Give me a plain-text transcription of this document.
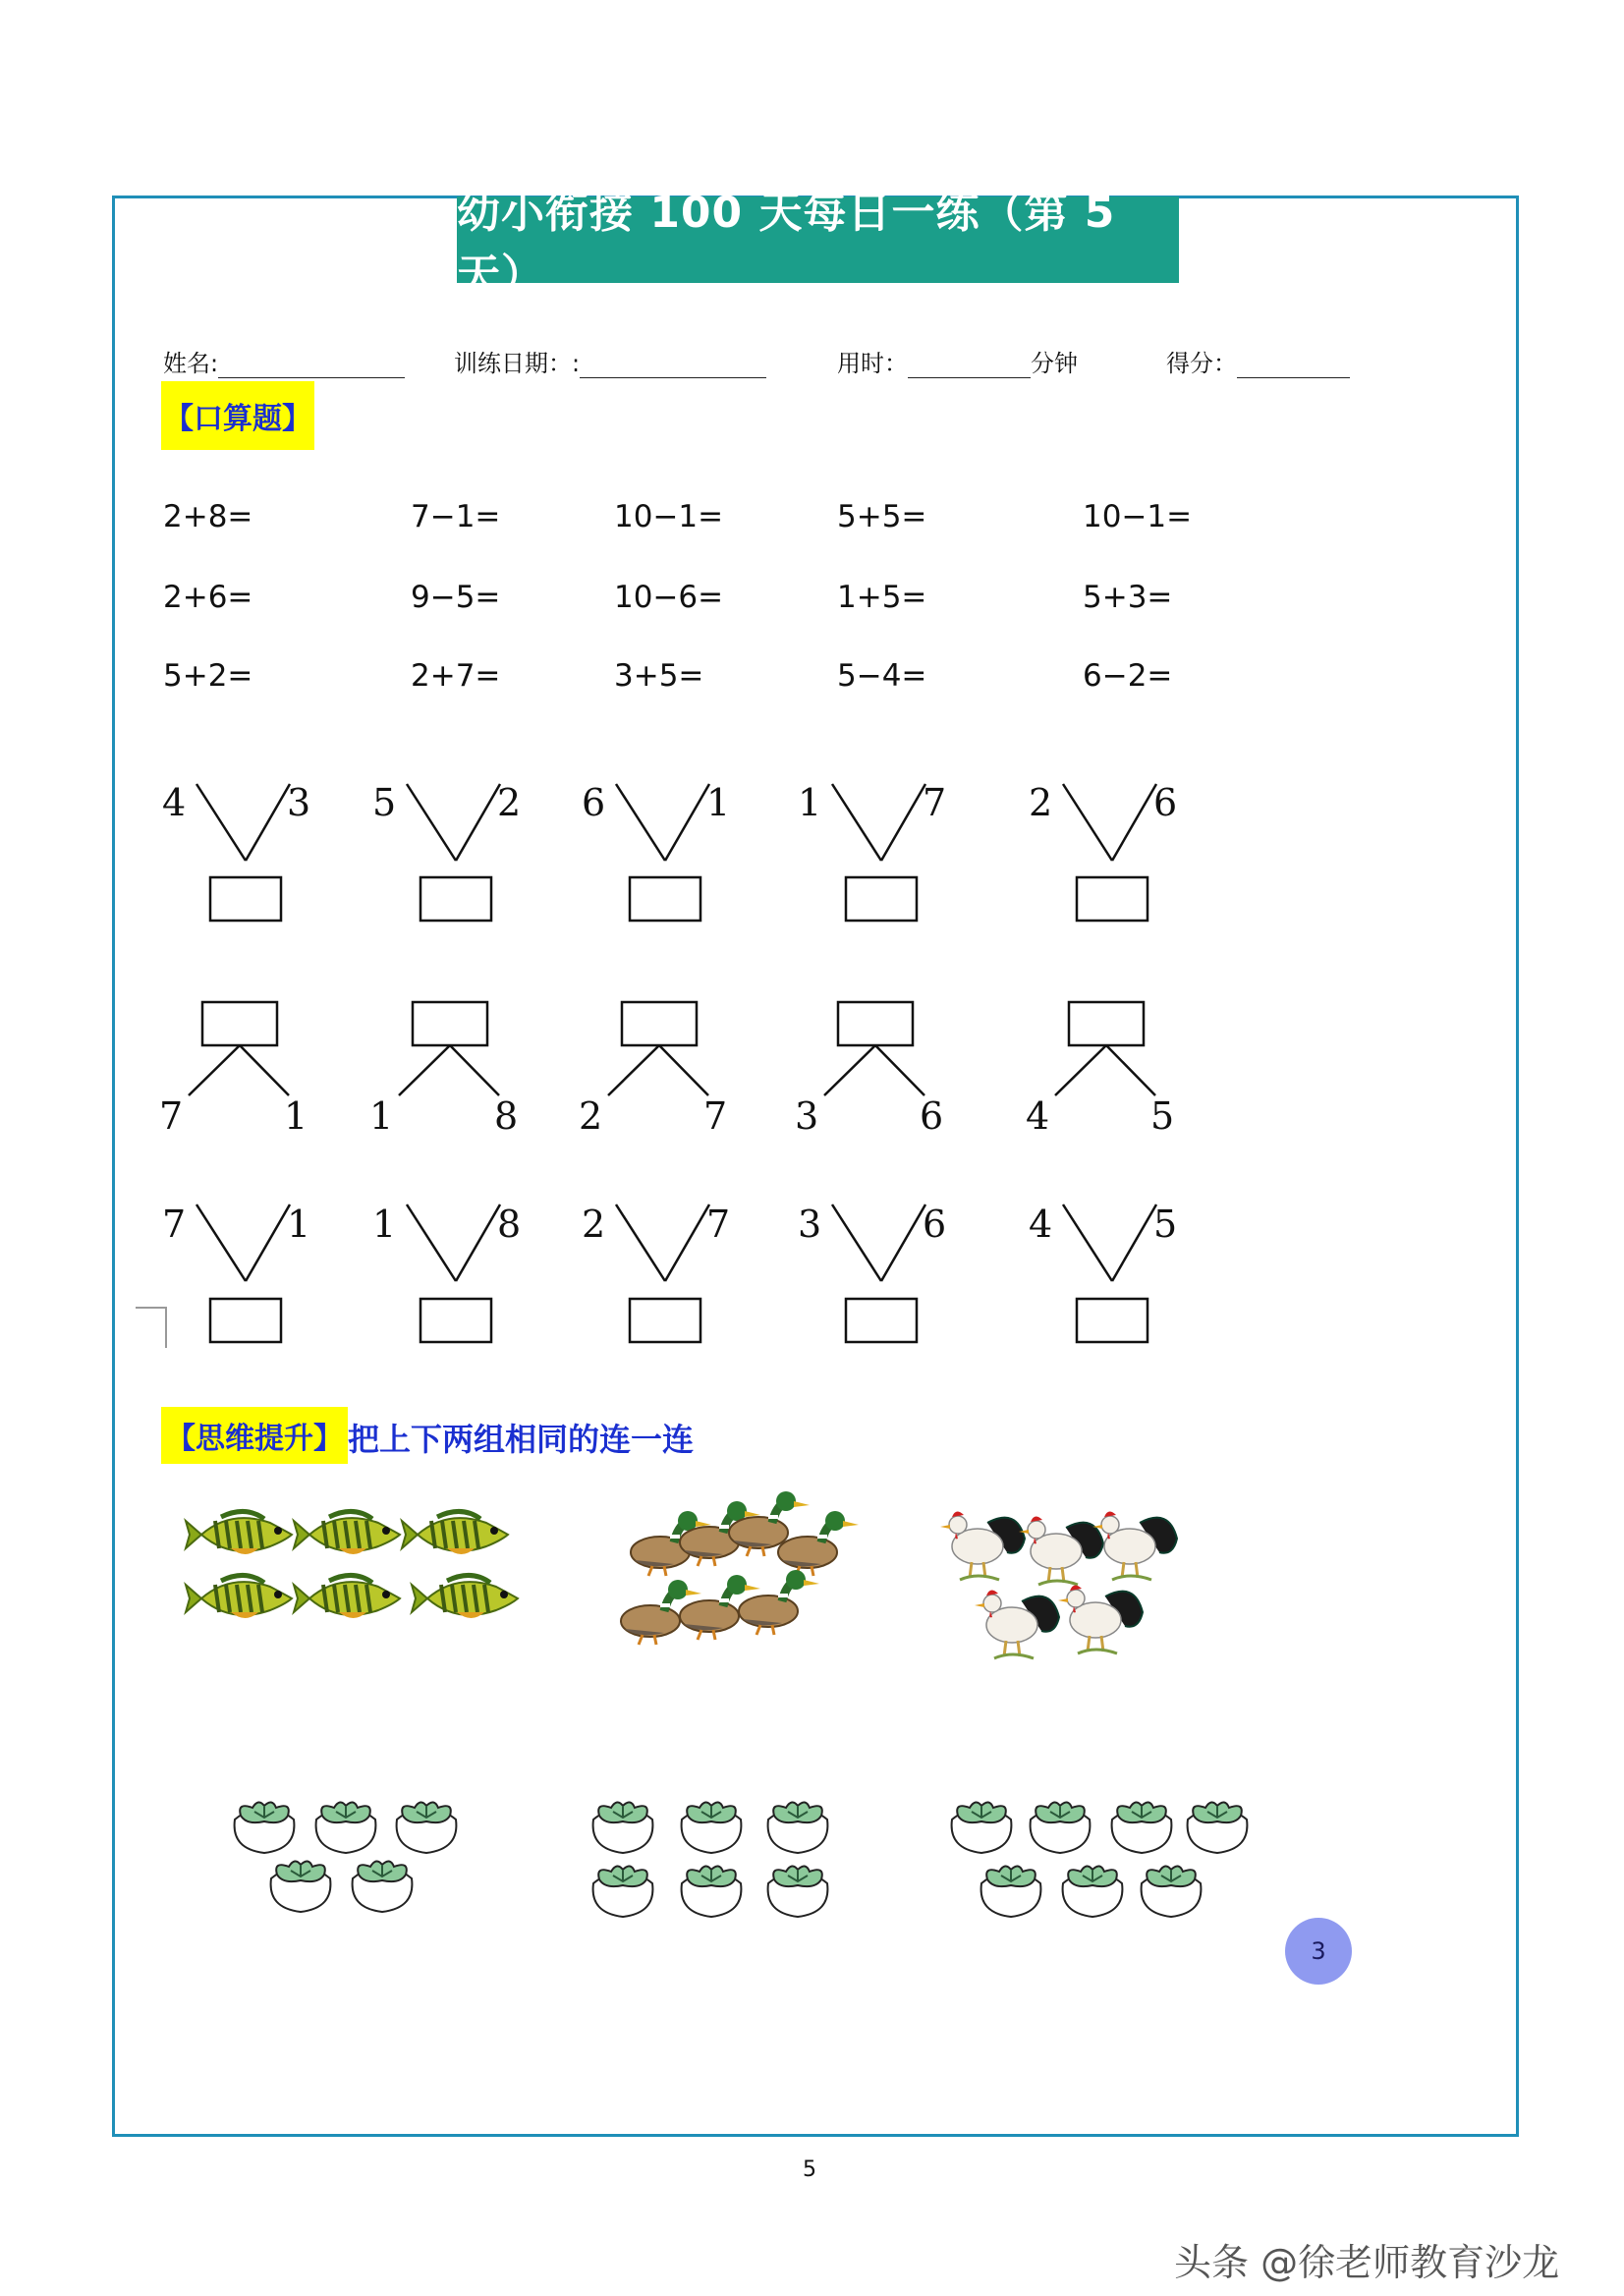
幼小衔接 100 天每日一练（第 5 天）
姓名:	训练日期：:	用时：	分钟	得分：
【口算题】
2+8=	7−1=	10−1=	5+5=	10−1=
2+6=	9−5=	10−6=	1+5=	5+3=
5+2=	2+7=	3+5=	5−4=	6−2=
4	3 5	2 6	1 1	7 2	6
7	1 1	8 2	7 3	6 4	5
7	1 1	8 2	7 3	6 4	5
【思维提升】 把上下两组相同的连一连
3
5
头条 @徐老师教育沙龙
